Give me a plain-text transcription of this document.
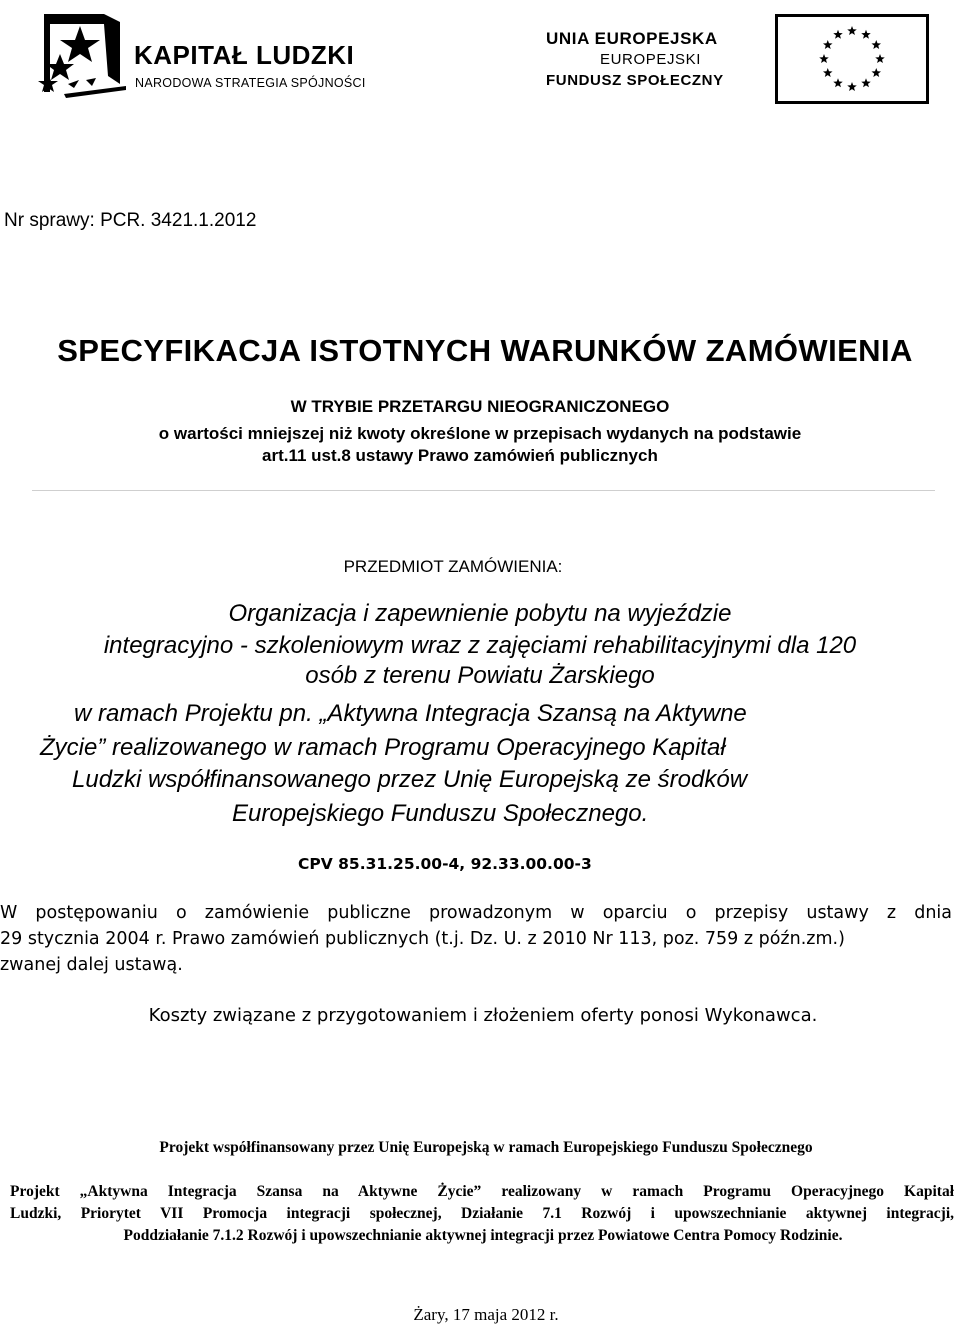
KAPITAŁ LUDZKI
NARODOWA STRATEGIA SPÓJNOŚCI
UNIA EUROPEJSKA
EUROPEJSKI
FUNDUSZ SPOŁECZNY
Nr sprawy: PCR. 3421.1.2012
SPECYFIKACJA ISTOTNYCH WARUNKÓW ZAMÓWIENIA
W TRYBIE PRZETARGU NIEOGRANICZONEGO
o wartości mniejszej niż kwoty określone w przepisach wydanych na podstawie
art.11 ust.8 ustawy Prawo zamówień publicznych
PRZEDMIOT ZAMÓWIENIA:
Organizacja i zapewnienie pobytu na wyjeździe
integracyjno - szkoleniowym wraz z zajęciami rehabilitacyjnymi dla 120
osób z terenu Powiatu Żarskiego
w ramach Projektu pn. „Aktywna Integracja Szansą na Aktywne
Życie” realizowanego w ramach Programu Operacyjnego Kapitał
Ludzki współfinansowanego przez Unię Europejską ze środków
Europejskiego Funduszu Społecznego.
CPV 85.31.25.00-4, 92.33.00.00-3
W postępowaniu o zamówienie publiczne prowadzonym w oparciu o przepisy ustawy z dnia
29 stycznia 2004 r. Prawo zamówień publicznych (t.j. Dz. U. z 2010 Nr 113, poz. 759 z późn.zm.)
zwanej dalej ustawą.
Koszty związane z przygotowaniem i złożeniem oferty ponosi Wykonawca.
Projekt współfinansowany przez Unię Europejską w ramach Europejskiego Funduszu Społecznego
Projekt „Aktywna Integracja Szansa na Aktywne Życie” realizowany w ramach Programu Operacyjnego Kapitał
Ludzki, Priorytet VII Promocja integracji społecznej, Działanie 7.1 Rozwój i upowszechnianie aktywnej integracji,
Poddziałanie 7.1.2 Rozwój i upowszechnianie aktywnej integracji przez Powiatowe Centra Pomocy Rodzinie.
Żary, 17 maja 2012 r.
